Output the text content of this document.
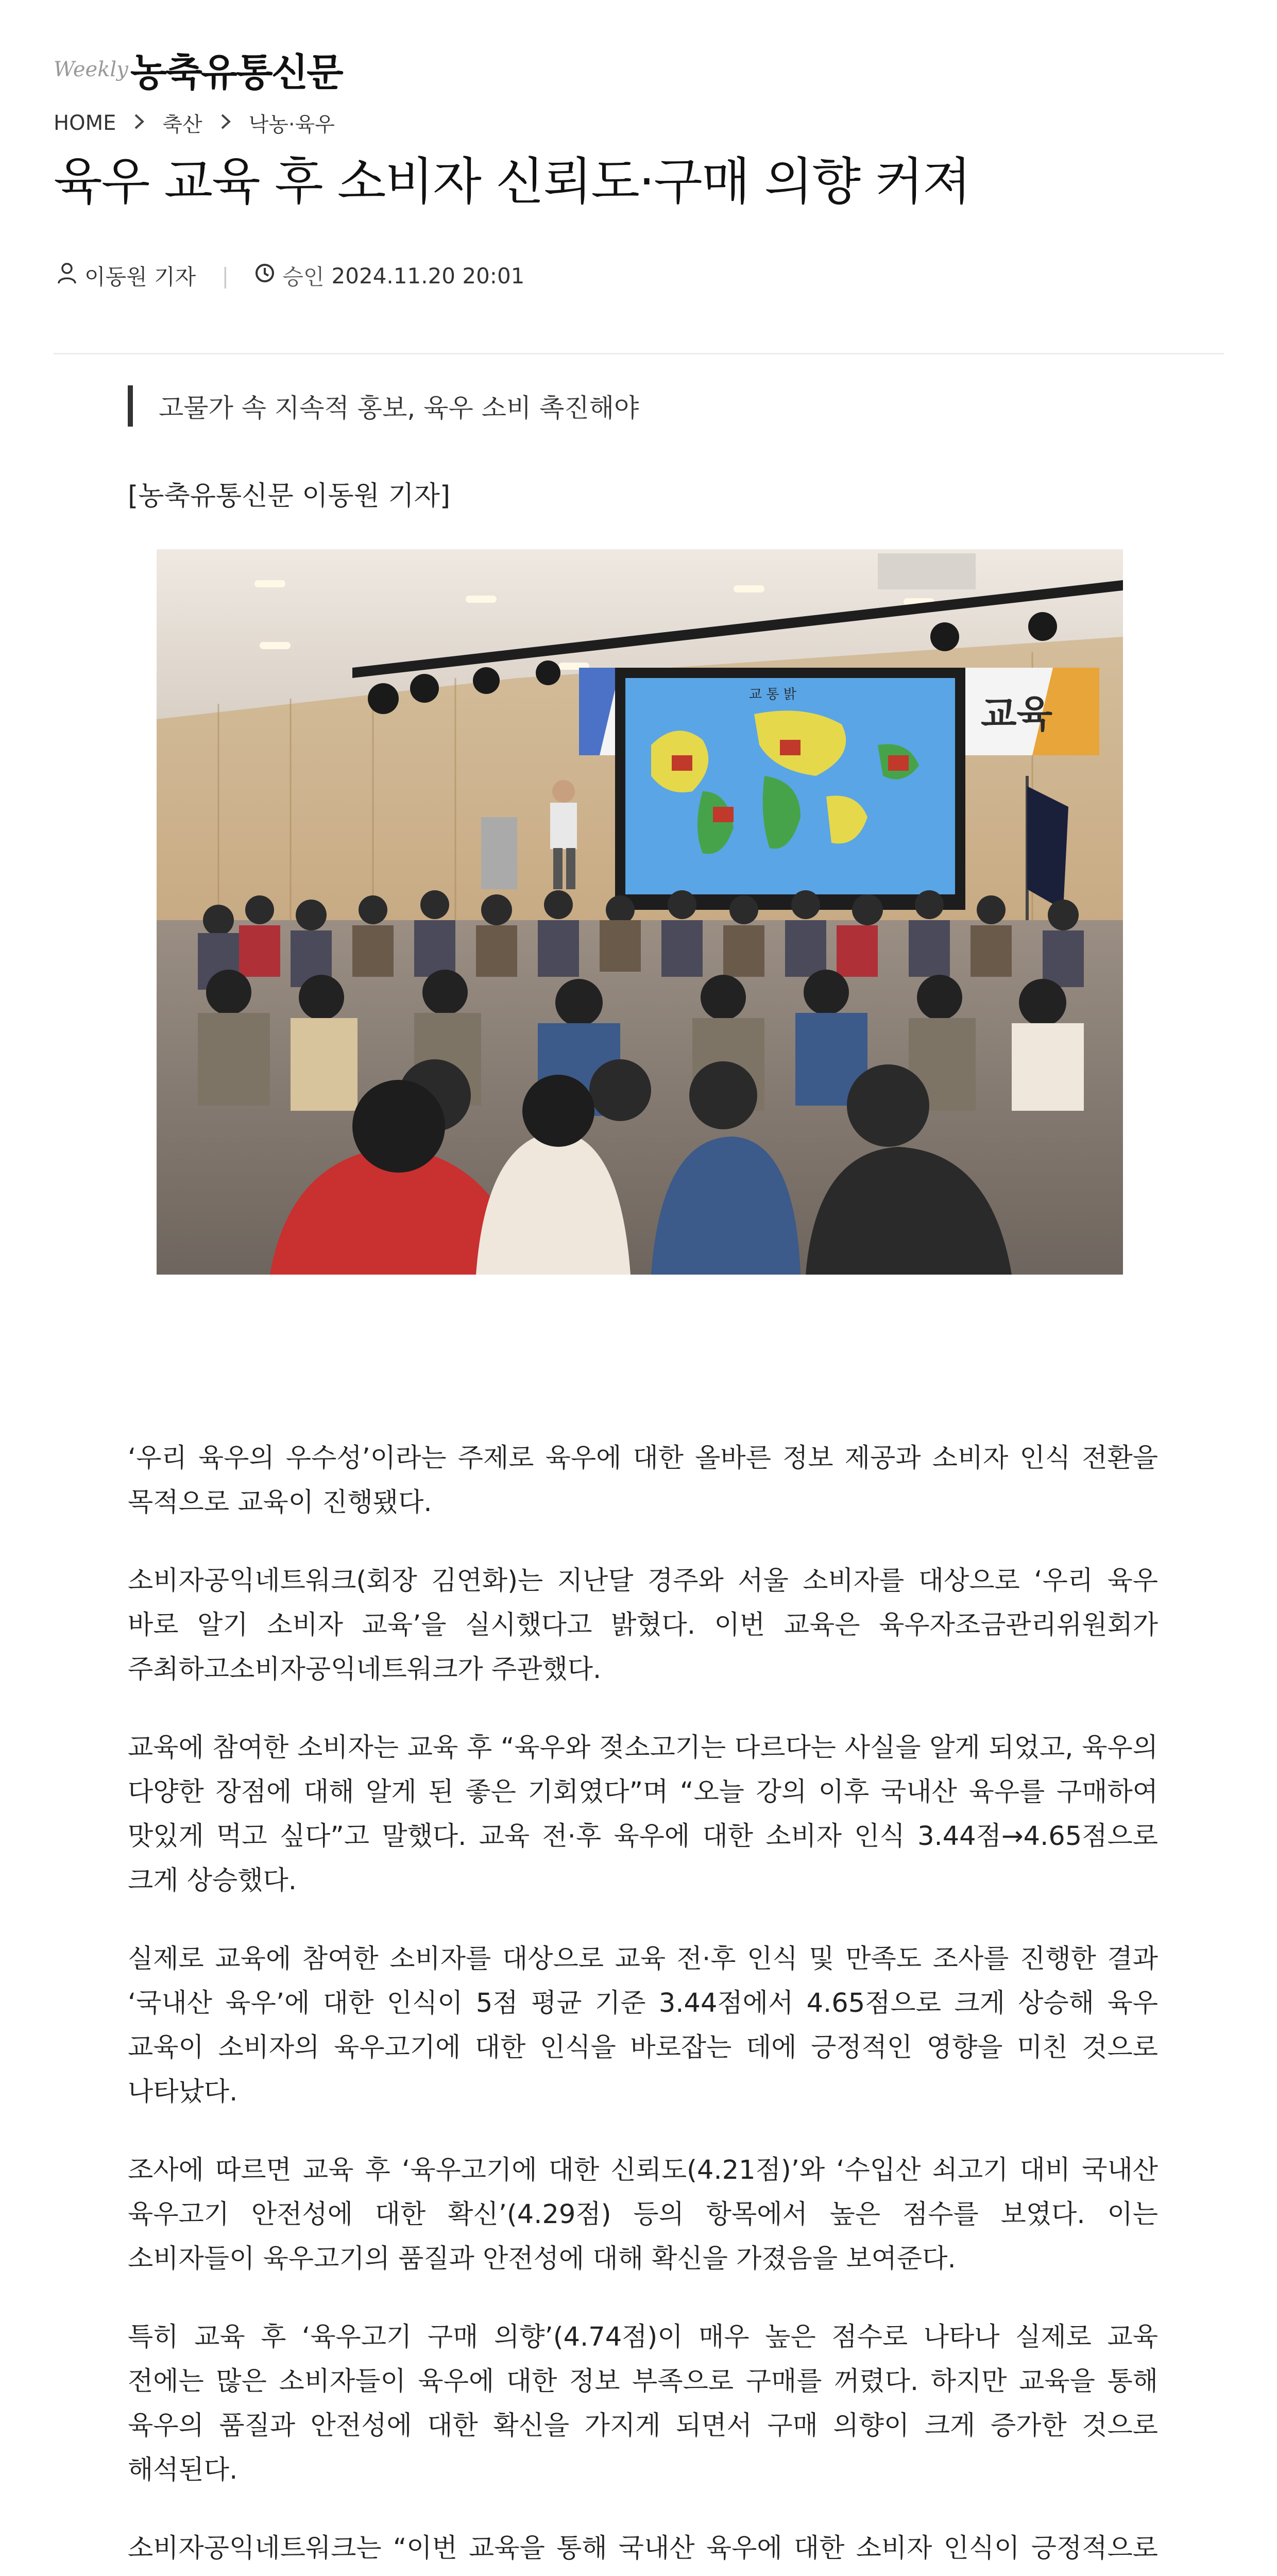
Weekly 농축유통신문
HOME 축산 낙농·육우
육우 교육 후 소비자 신뢰도·구매 의향 커져
이동원 기자 | 승인 2024.11.20 20:01
고물가 속 지속적 홍보, 육우 소비 촉진해야
[농축유통신문 이동원 기자]
교육
교 통 밝

‘우리 육우의 우수성’이라는 주제로 육우에 대한 올바른 정보 제공과 소비자 인식 전환을 목적으로 교육이 진행됐다.

소비자공익네트워크(회장 김연화)는 지난달 경주와 서울 소비자를 대상으로 ‘우리 육우 바로 알기 소비자 교육’을 실시했다고 밝혔다. 이번 교육은 육우자조금관리위원회가 주최하고소비자공익네트워크가 주관했다.

교육에 참여한 소비자는 교육 후 “육우와 젖소고기는 다르다는 사실을 알게 되었고, 육우의 다양한 장점에 대해 알게 된 좋은 기회였다”며 “오늘 강의 이후 국내산 육우를 구매하여 맛있게 먹고 싶다”고 말했다. 교육 전·후 육우에 대한 소비자 인식 3.44점→4.65점으로 크게 상승했다.

실제로 교육에 참여한 소비자를 대상으로 교육 전·후 인식 및 만족도 조사를 진행한 결과 ‘국내산 육우’에 대한 인식이 5점 평균 기준 3.44점에서 4.65점으로 크게 상승해 육우 교육이 소비자의 육우고기에 대한 인식을 바로잡는 데에 긍정적인 영향을 미친 것으로 나타났다.

조사에 따르면 교육 후 ‘육우고기에 대한 신뢰도(4.21점)’와 ‘수입산 쇠고기 대비 국내산 육우고기 안전성에 대한 확신’(4.29점) 등의 항목에서 높은 점수를 보였다. 이는 소비자들이 육우고기의 품질과 안전성에 대해 확신을 가졌음을 보여준다.

특히 교육 후 ‘육우고기 구매 의향’(4.74점)이 매우 높은 점수로 나타나 실제로 교육 전에는 많은 소비자들이 육우에 대한 정보 부족으로 구매를 꺼렸다. 하지만 교육을 통해 육우의 품질과 안전성에 대한 확신을 가지게 되면서 구매 의향이 크게 증가한 것으로 해석된다.

소비자공익네트워크는 “이번 교육을 통해 국내산 육우에 대한 소비자 인식이 긍정적으로
